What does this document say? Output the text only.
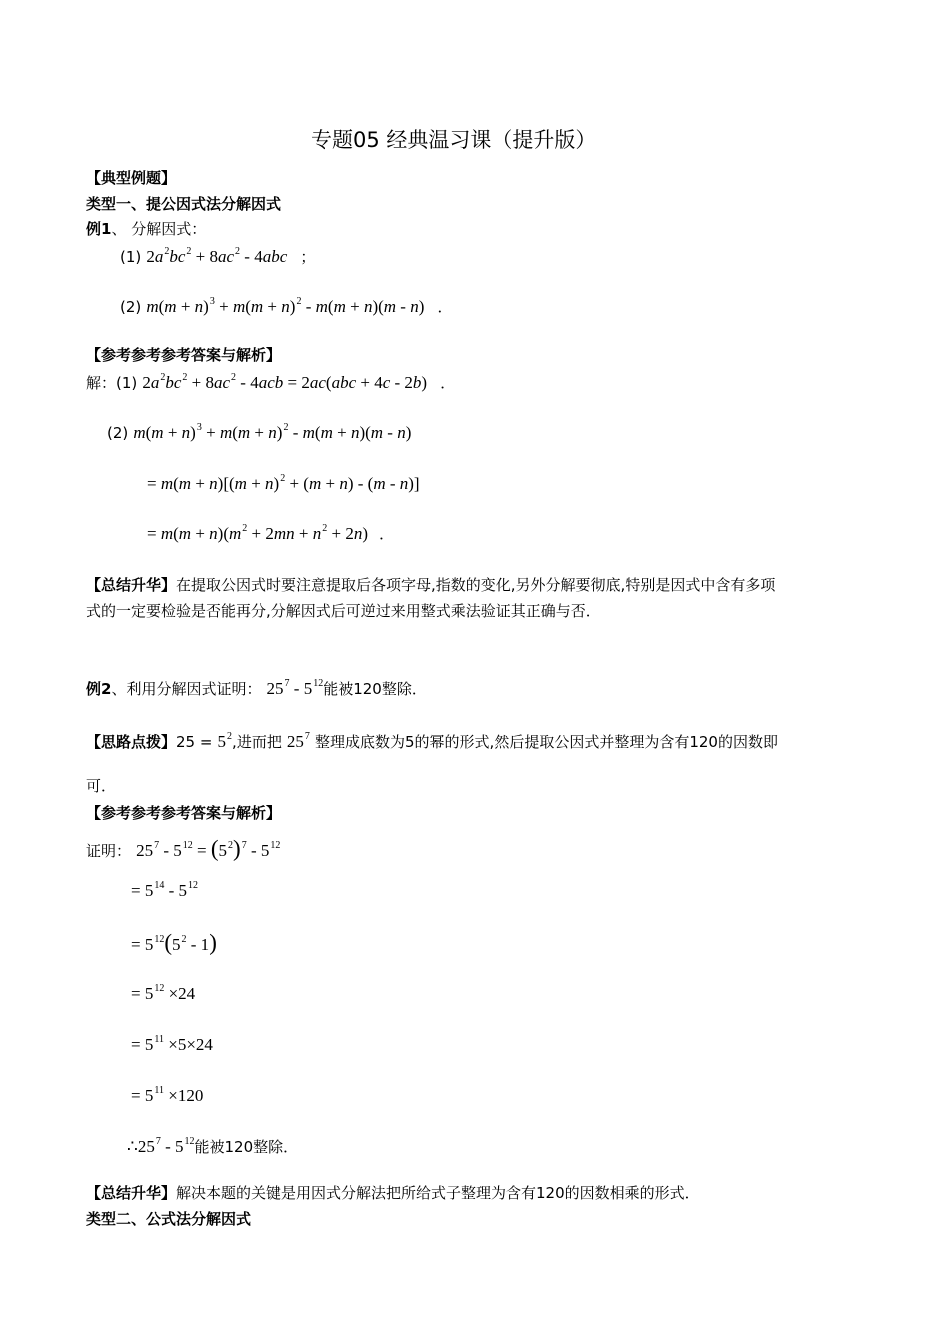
专题05 经典温习课（提升版）
【典型例题】
类型一、提公因式法分解因式
例1、 分解因式：
(1) $2a^2bc^2 + 8ac^2 - 4abc$ ；
(2) $m(m + n)^3 + m(m + n)^2 - m(m + n)(m - n)$ ．
【参考参考参考答案与解析】
解：(1) $2a^2bc^2 + 8ac^2 - 4acb = 2ac(abc + 4c - 2b)$ ．
(2) $m(m + n)^3 + m(m + n)^2 - m(m + n)(m - n)$
= $m(m + n)[(m + n)^2 + (m + n) - (m - n)]$
= $m(m + n)(m^2 + 2mn + n^2 + 2n)$ ．
【总结升华】在提取公因式时要注意提取后各项字母,指数的变化,另外分解要彻底,特别是因式中含有多项
式的一定要检验是否能再分,分解因式后可逆过来用整式乘法验证其正确与否．
例2、利用分解因式证明： $25^7 - 5^{12}$能被120整除．
【思路点拨】$25 = 5^2$,进而把 $25^7$ 整理成底数为5的幂的形式,然后提取公因式并整理为含有120的因数即
可．
【参考参考参考答案与解析】
证明： $25^7 - 5^{12} = (5^2)^7 - 5^{12}$
= $5^{14} - 5^{12}$
= $5^{12}(5^2 - 1)$
= $5^{12} \times 24$
= $5^{11} \times 5\times 24$
= $5^{11} \times 120$
$\therefore 25^7 - 5^{12}$能被120整除．
【总结升华】解决本题的关键是用因式分解法把所给式子整理为含有120的因数相乘的形式．
类型二、公式法分解因式
